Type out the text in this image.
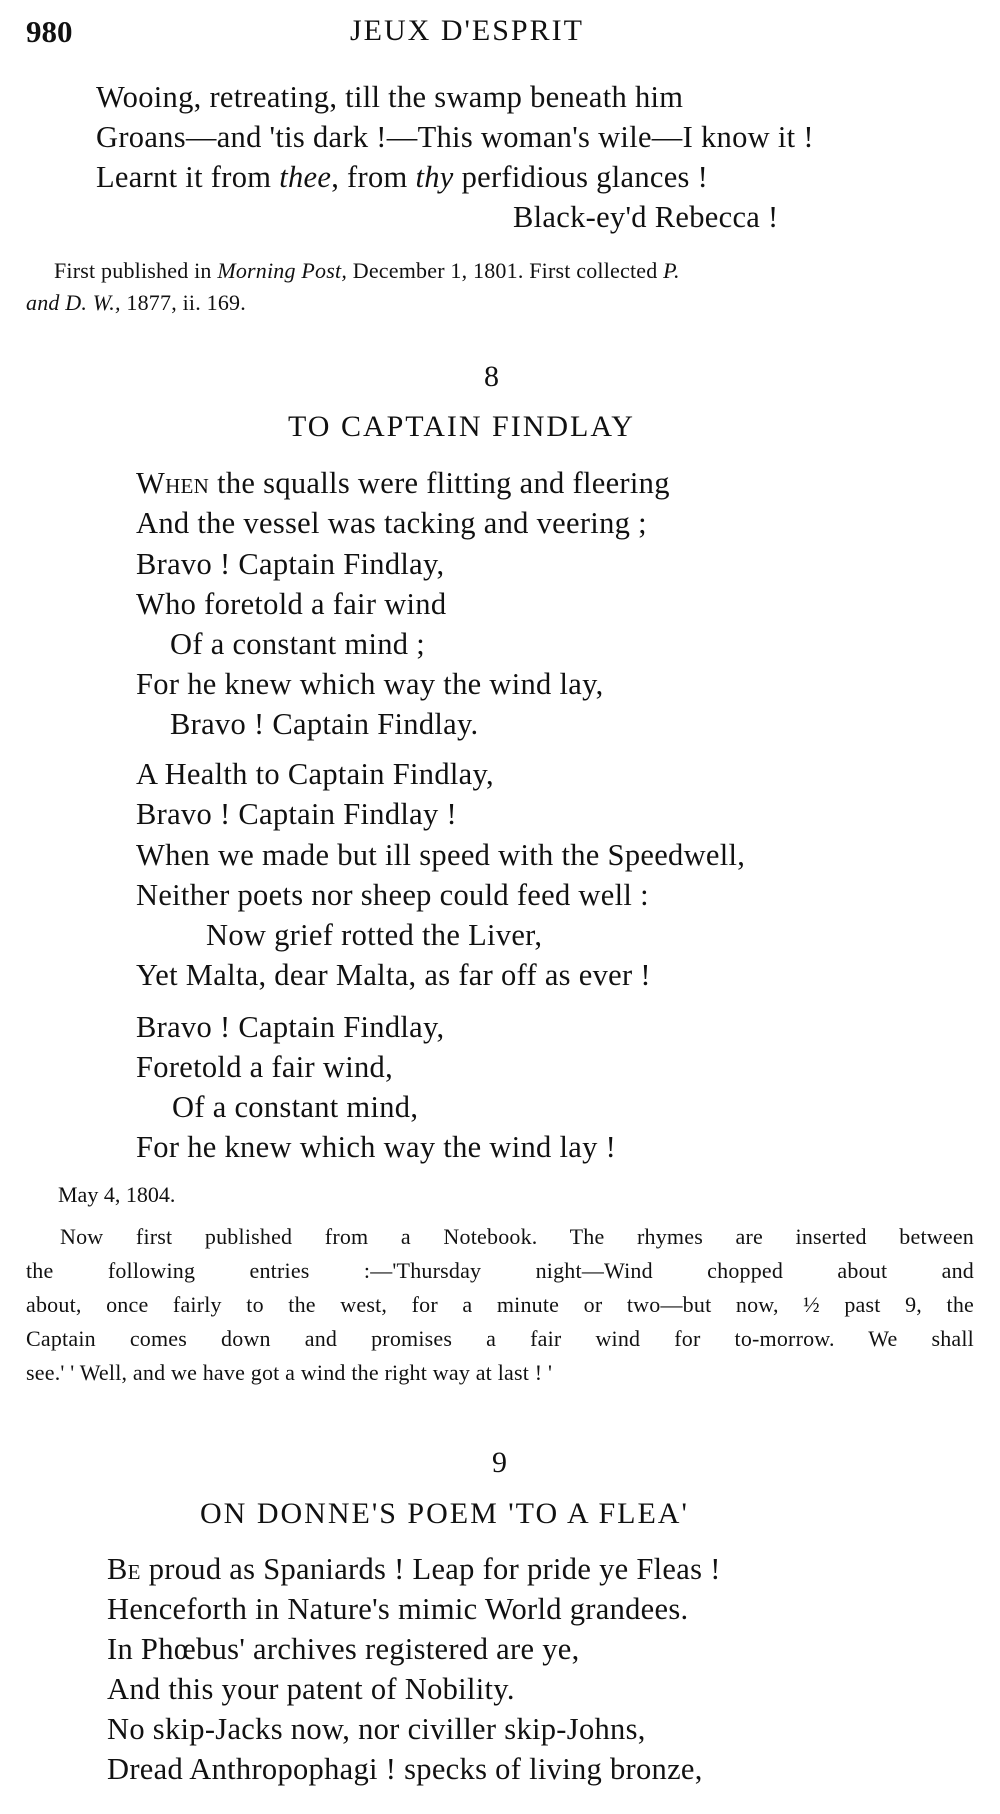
980	JEUX D'ESPRIT
Wooing, retreating, till the swamp beneath him
Groans—and 'tis dark !—This woman's wile—I know it !
Learnt it from thee, from thy perfidious glances !
Black-ey'd Rebecca !
First published in Morning Post, December 1, 1801. First collected P.
and D. W., 1877, ii. 169.
8
TO CAPTAIN FINDLAY
When the squalls were flitting and fleering
And the vessel was tacking and veering ;
Bravo ! Captain Findlay,
Who foretold a fair wind
Of a constant mind ;
For he knew which way the wind lay,
Bravo ! Captain Findlay.
A Health to Captain Findlay,
Bravo ! Captain Findlay !
When we made but ill speed with the Speedwell,
Neither poets nor sheep could feed well :
Now grief rotted the Liver,
Yet Malta, dear Malta, as far off as ever !
Bravo ! Captain Findlay,
Foretold a fair wind,
Of a constant mind,
For he knew which way the wind lay !
May 4, 1804.
Now first published from a Notebook. The rhymes are inserted between
the following entries :—'Thursday night—Wind chopped about and
about, once fairly to the west, for a minute or two—but now, ½ past 9, the
Captain comes down and promises a fair wind for to-morrow. We shall
see.' ' Well, and we have got a wind the right way at last ! '
9
ON DONNE'S POEM 'TO A FLEA'
Be proud as Spaniards ! Leap for pride ye Fleas !
Henceforth in Nature's mimic World grandees.
In Phœbus' archives registered are ye,
And this your patent of Nobility.
No skip-Jacks now, nor civiller skip-Johns,
Dread Anthropophagi ! specks of living bronze,
